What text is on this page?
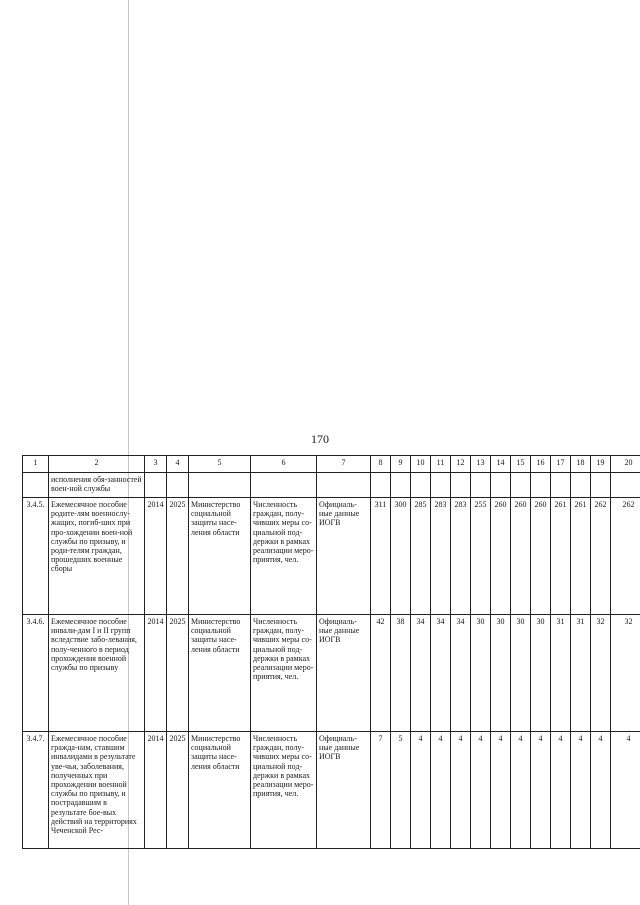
170
1	2	3	4	5	6	7	8	9	10	11	12	13	14	15	16	17	18	19	20
	исполнения обя-занностей воен-ной службы																		
3.4.5.	Ежемесячное пособие родите-лям военнослу-жащих, погиб-ших при про-хождении воен-ной службы по призыву, и роди-телям граждан, прошедших военные сборы	2014	2025	Министерство социальной защиты насе-ления области	Численность граждан, полу-чивших меры со-циальной под-держки в рамках реализации меро-приятия, чел.	Официаль-ные данные ИОГВ	311	300	285	283	283	255	260	260	260	261	261	262	262
3.4.6.	Ежемесячное пособие инвали-дам I и II групп вследствие забо-левания, полу-ченного в период прохождения военной службы по призыву	2014	2025	Министерство социальной защиты насе-ления области	Численность граждан, полу-чивших меры со-циальной под-держки в рамках реализации меро-приятия, чел.	Официаль-ные данные ИОГВ	42	38	34	34	34	30	30	30	30	31	31	32	32
3.4.7.	Ежемесячное пособие гражда-нам, ставшим инвалидами в результате уве-чья, заболевания, полученных при прохождении военной службы по призыву, и пострадавшим в результате бое-вых действий на территориях Чеченской Рес-	2014	2025	Министерство социальной защиты насе-ления области	Численность граждан, полу-чивших меры со-циальной под-держки в рамках реализации меро-приятия, чел.	Официаль-ные данные ИОГВ	7	5	4	4	4	4	4	4	4	4	4	4	4
